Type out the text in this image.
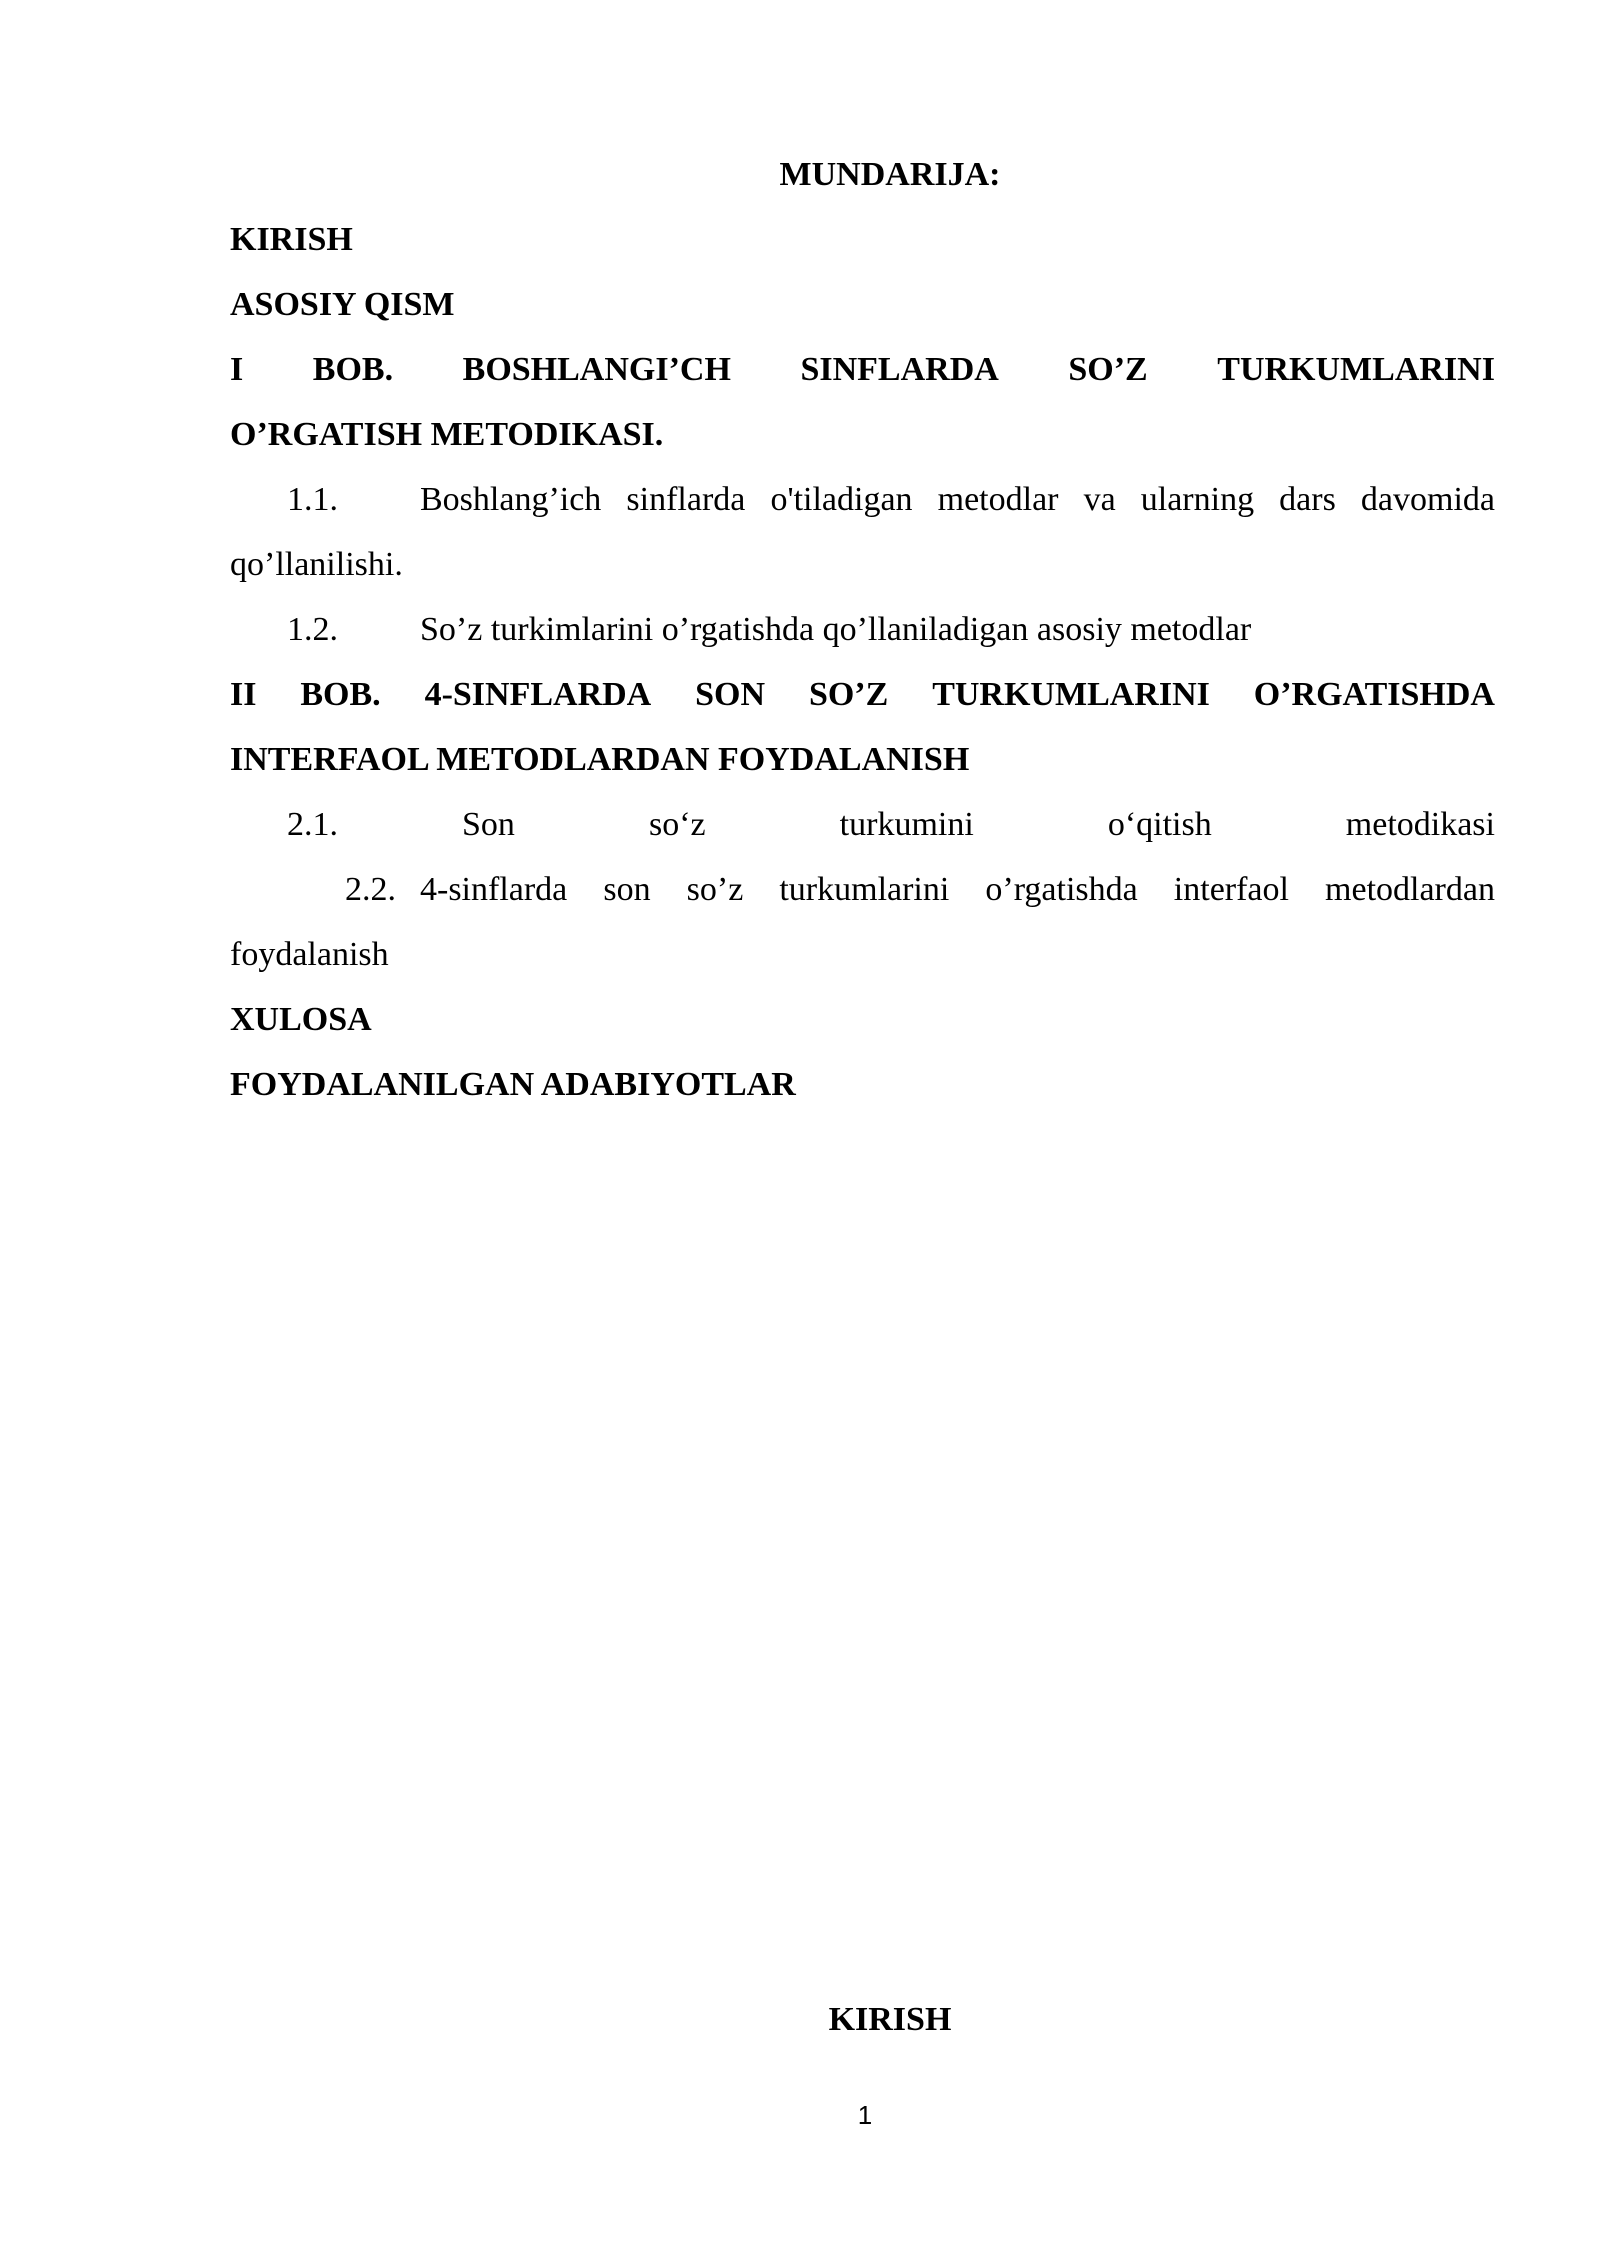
MUNDARIJA:
KIRISH
ASOSIY QISM
I BOB. BOSHLANGI’CH SINFLARDA SO’Z TURKUMLARINI
O’RGATISH METODIKASI.
1.1. Boshlang’ich sinflarda o'tiladigan metodlar va ularning dars davomida
qo’llanilishi.
1.2. So’z turkimlarini o’rgatishda qo’llaniladigan asosiy metodlar
II BOB. 4-SINFLARDA SON SO’Z TURKUMLARINI O’RGATISHDA
INTERFAOL METODLARDAN FOYDALANISH
2.1.	Son	so‘z	turkumini	o‘qitish	metodikasi
2.2. 4-sinflarda son so’z turkumlarini o’rgatishda interfaol metodlardan
foydalanish
XULOSA
FOYDALANILGAN ADABIYOTLAR
KIRISH
1
